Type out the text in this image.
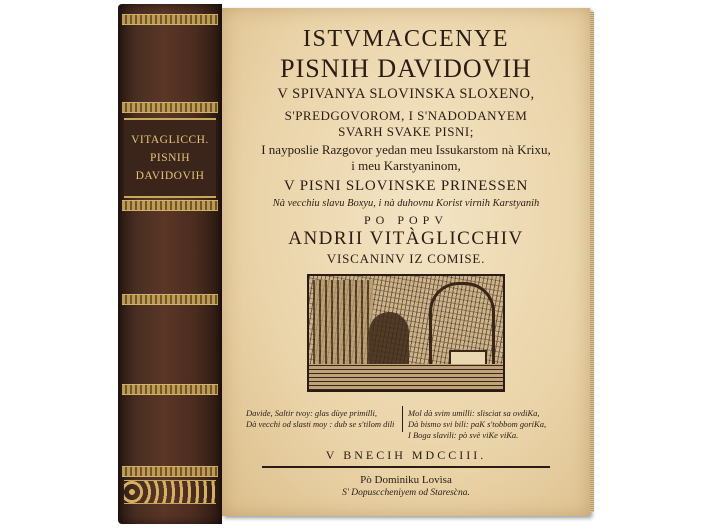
VITAGLICCH.
PISNIH
DAVIDOVIH
ISTVMACCENYE
PISNIH DAVIDOVIH
V SPIVANYA SLOVINSKA SLOXENO,
S'PREDGOVOROM, I S'NADODANYEM
SVARH SVAKE PISNI;
I nayposlie Razgovor yedan meu Issukarstom nà Krixu,
i meu Karstyaninom,
V PISNI SLOVINSKE PRINESSEN
Nà vecchiu slavu Boxyu, i nà duhovnu Korist virnih Karstyanih
PO POPV
ANDRII VITÀGLICCHIV
VISCANINV IZ COMISE.
Davide, Saltir tvoy: glas dùye primilli,
Dà vecchi od slasti moy : dub se s'tilom dili
Mol dà svim umilli: slisciat sa ovdiKa,
Dà bismo svi bili: paK s'tobbom goriKa,
I Boga slavili: pò svè viKe viKa.
V BNECIH MDCCIII.
Pò Dominiku Lovìsa
S' Dopusccheniyem od Staresc̀na.
